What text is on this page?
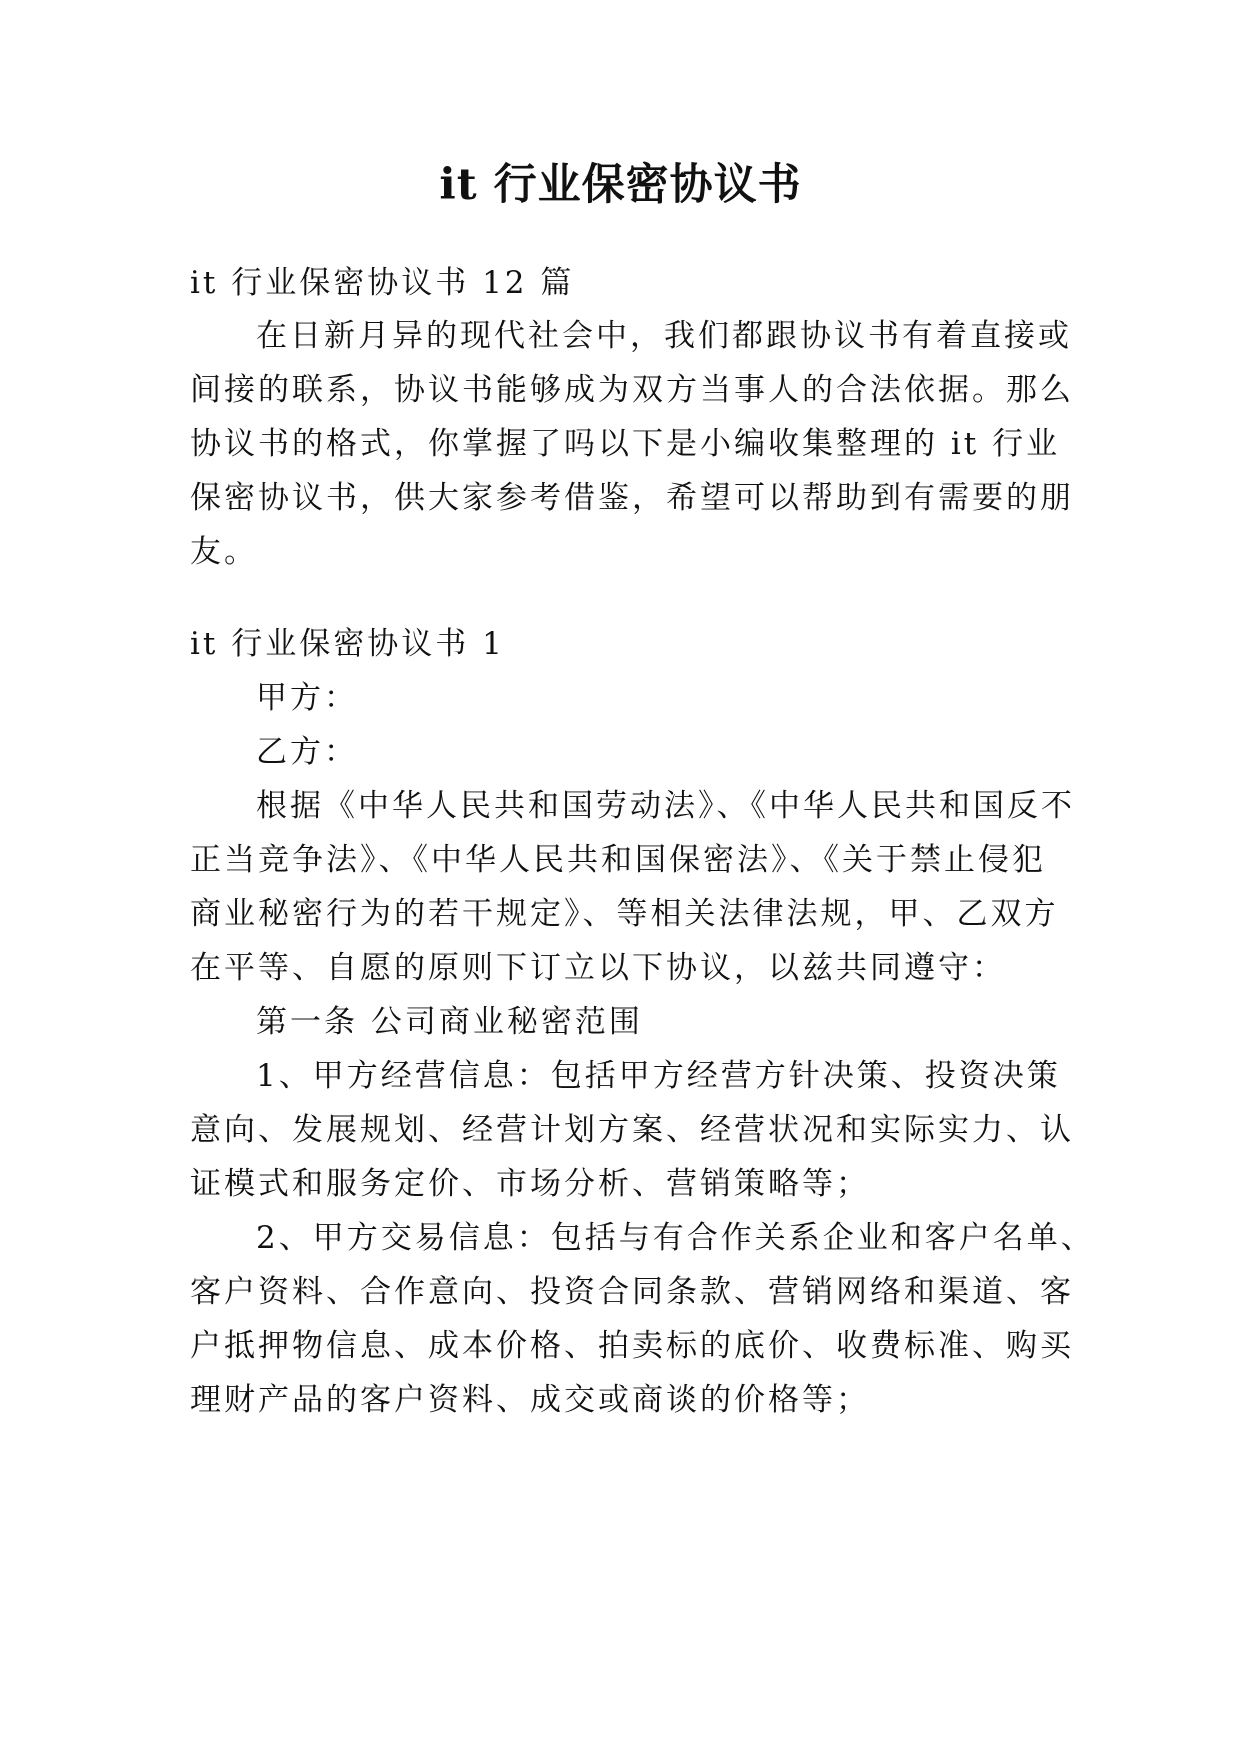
it 行业保密协议书
it 行业保密协议书 12 篇
在日新月异的现代社会中，我们都跟协议书有着直接或
间接的联系，协议书能够成为双方当事人的合法依据。那么
协议书的格式，你掌握了吗以下是小编收集整理的 it 行业
保密协议书，供大家参考借鉴，希望可以帮助到有需要的朋
友。
it 行业保密协议书 1
甲方：
乙方：
根据《中华人民共和国劳动法》、《中华人民共和国反不
正当竞争法》、《中华人民共和国保密法》、《关于禁止侵犯
商业秘密行为的若干规定》、等相关法律法规，甲、乙双方
在平等、自愿的原则下订立以下协议，以兹共同遵守：
第一条 公司商业秘密范围
1、甲方经营信息：包括甲方经营方针决策、投资决策
意向、发展规划、经营计划方案、经营状况和实际实力、认
证模式和服务定价、市场分析、营销策略等；
2、甲方交易信息：包括与有合作关系企业和客户名单、
客户资料、合作意向、投资合同条款、营销网络和渠道、客
户抵押物信息、成本价格、拍卖标的底价、收费标准、购买
理财产品的客户资料、成交或商谈的价格等；
